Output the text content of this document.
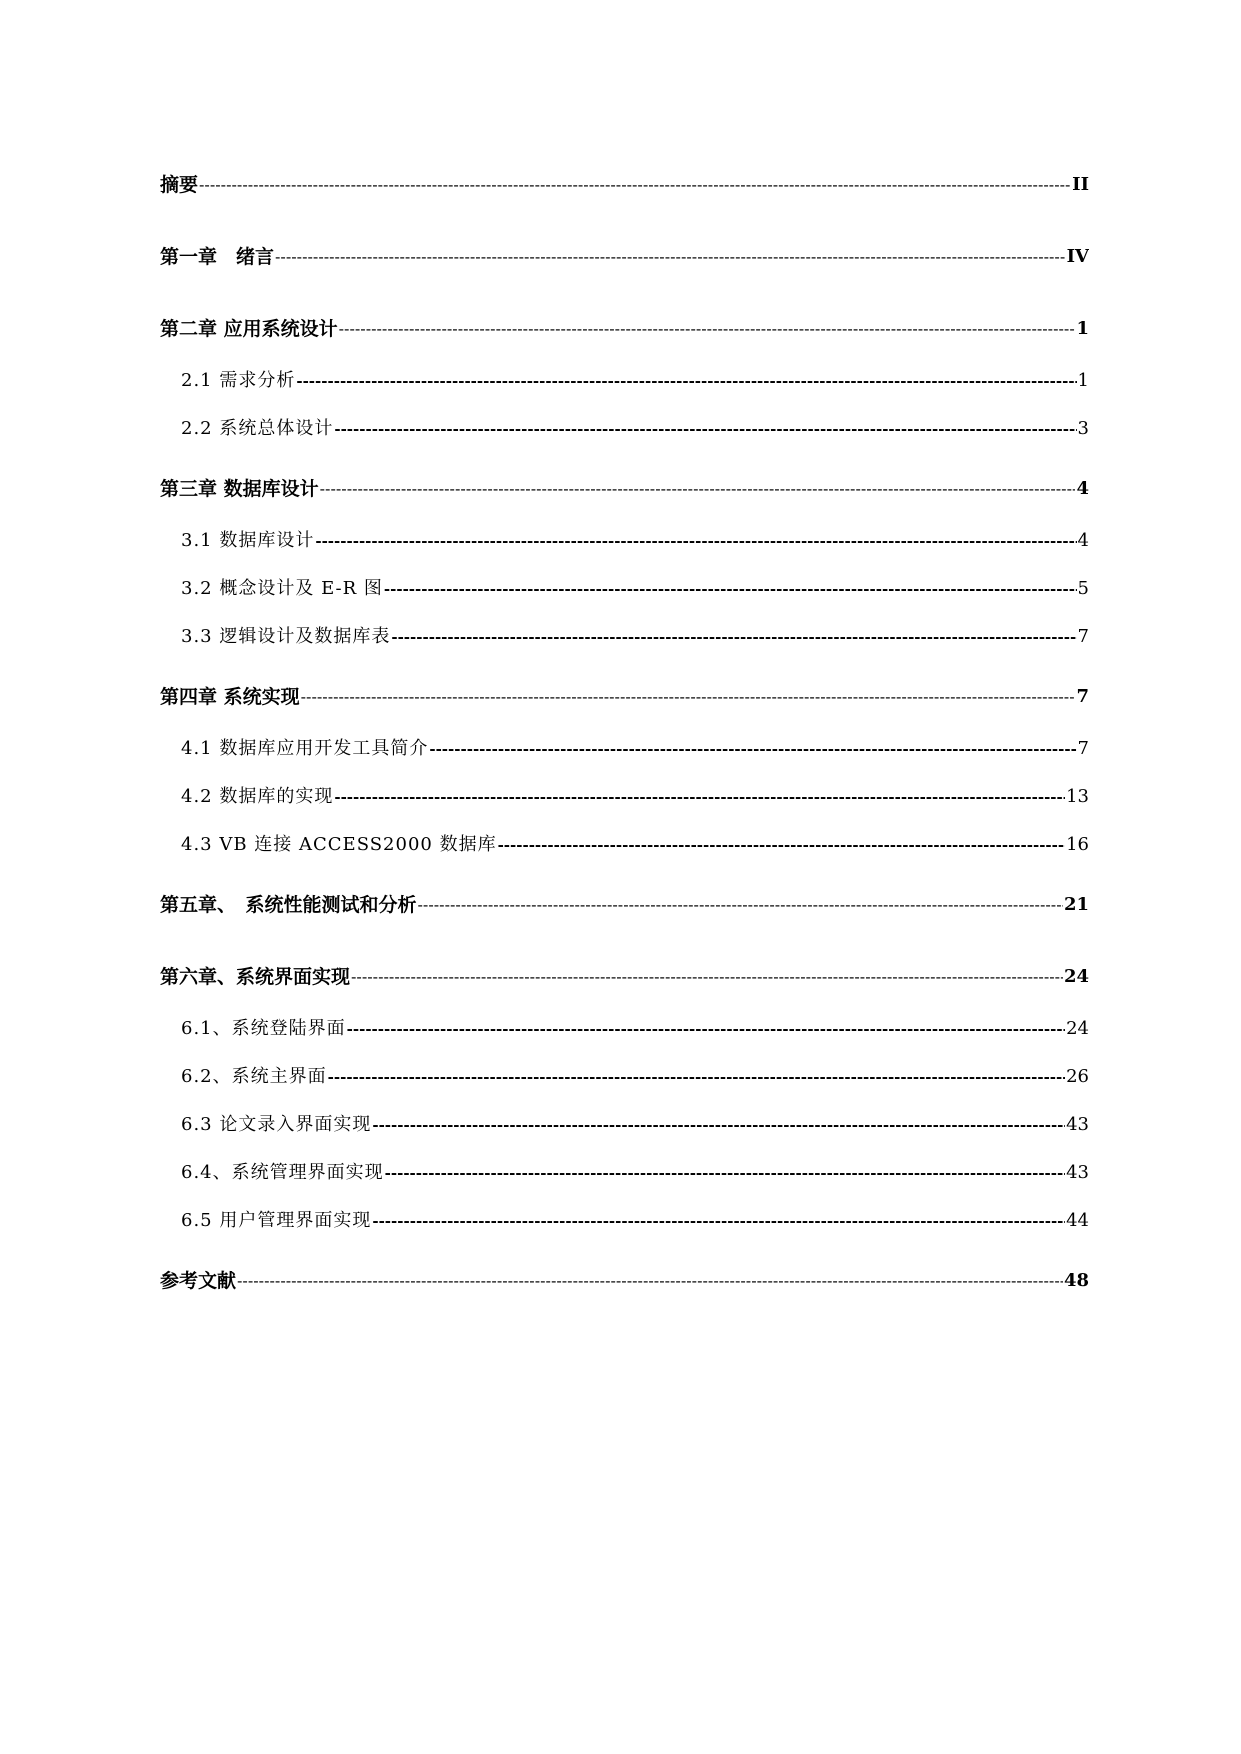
摘要 -----	II
第一章　绪言 -----	IV
第二章 应用系统设计 -----	1
2.1 需求分析 -----	1
2.2 系统总体设计 -----	3
第三章 数据库设计 -----	4
3.1 数据库设计 -----	4
3.2 概念设计及 E-R 图 -----	5
3.3 逻辑设计及数据库表 -----	7
第四章 系统实现 -----	7
4.1 数据库应用开发工具简介 -----	7
4.2 数据库的实现 -----	13
4.3 VB 连接 ACCESS2000 数据库 -----	16
第五章、　系统性能测试和分析 -----	21
第六章、系统界面实现 -----	24
6.1、系统登陆界面 -----	24
6.2、系统主界面 -----	26
6.3 论文录入界面实现 -----	43
6.4、系统管理界面实现 -----	43
6.5 用户管理界面实现 -----	44
参考文献 -----	48
